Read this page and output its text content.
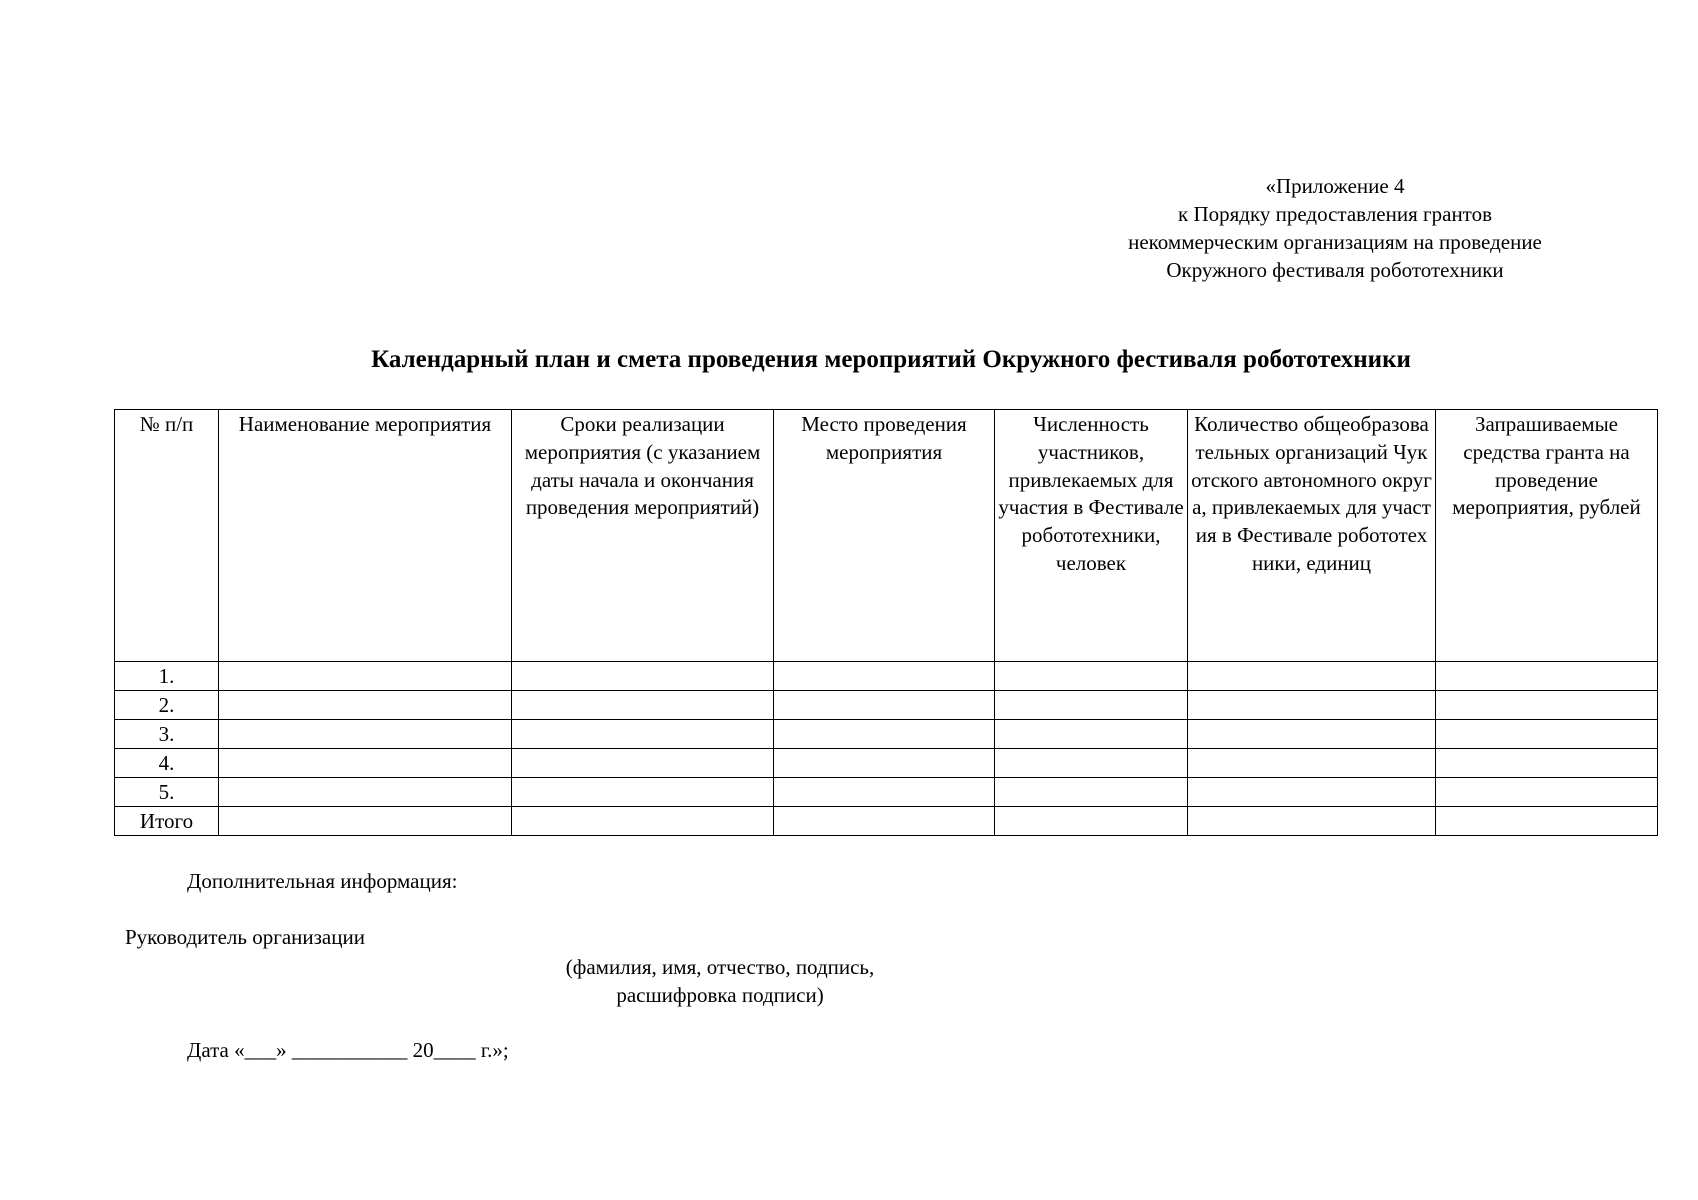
«Приложение 4
к Порядку предоставления грантов
некоммерческим организациям на проведение
Окружного фестиваля робототехники
Календарный план и смета проведения мероприятий Окружного фестиваля робототехники
№ п/п	Наименование мероприятия	Сроки реализации мероприятия (с указанием даты начала и окончания проведения мероприятий)	Место проведения мероприятия	Численность участников, привлекаемых для участия в Фестивале робототехники, человек	Количество общеобразовательных организаций Чукотского автономного округа, привлекаемых для участия в Фестивале робототехники, единиц	Запрашиваемые средства гранта на проведение мероприятия, рублей
1.						
2.						
3.						
4.						
5.						
Итого						
Дополнительная информация:
Руководитель организации
(фамилия, имя, отчество, подпись,
расшифровка подписи)
Дата «___» ___________ 20____ г.»;
